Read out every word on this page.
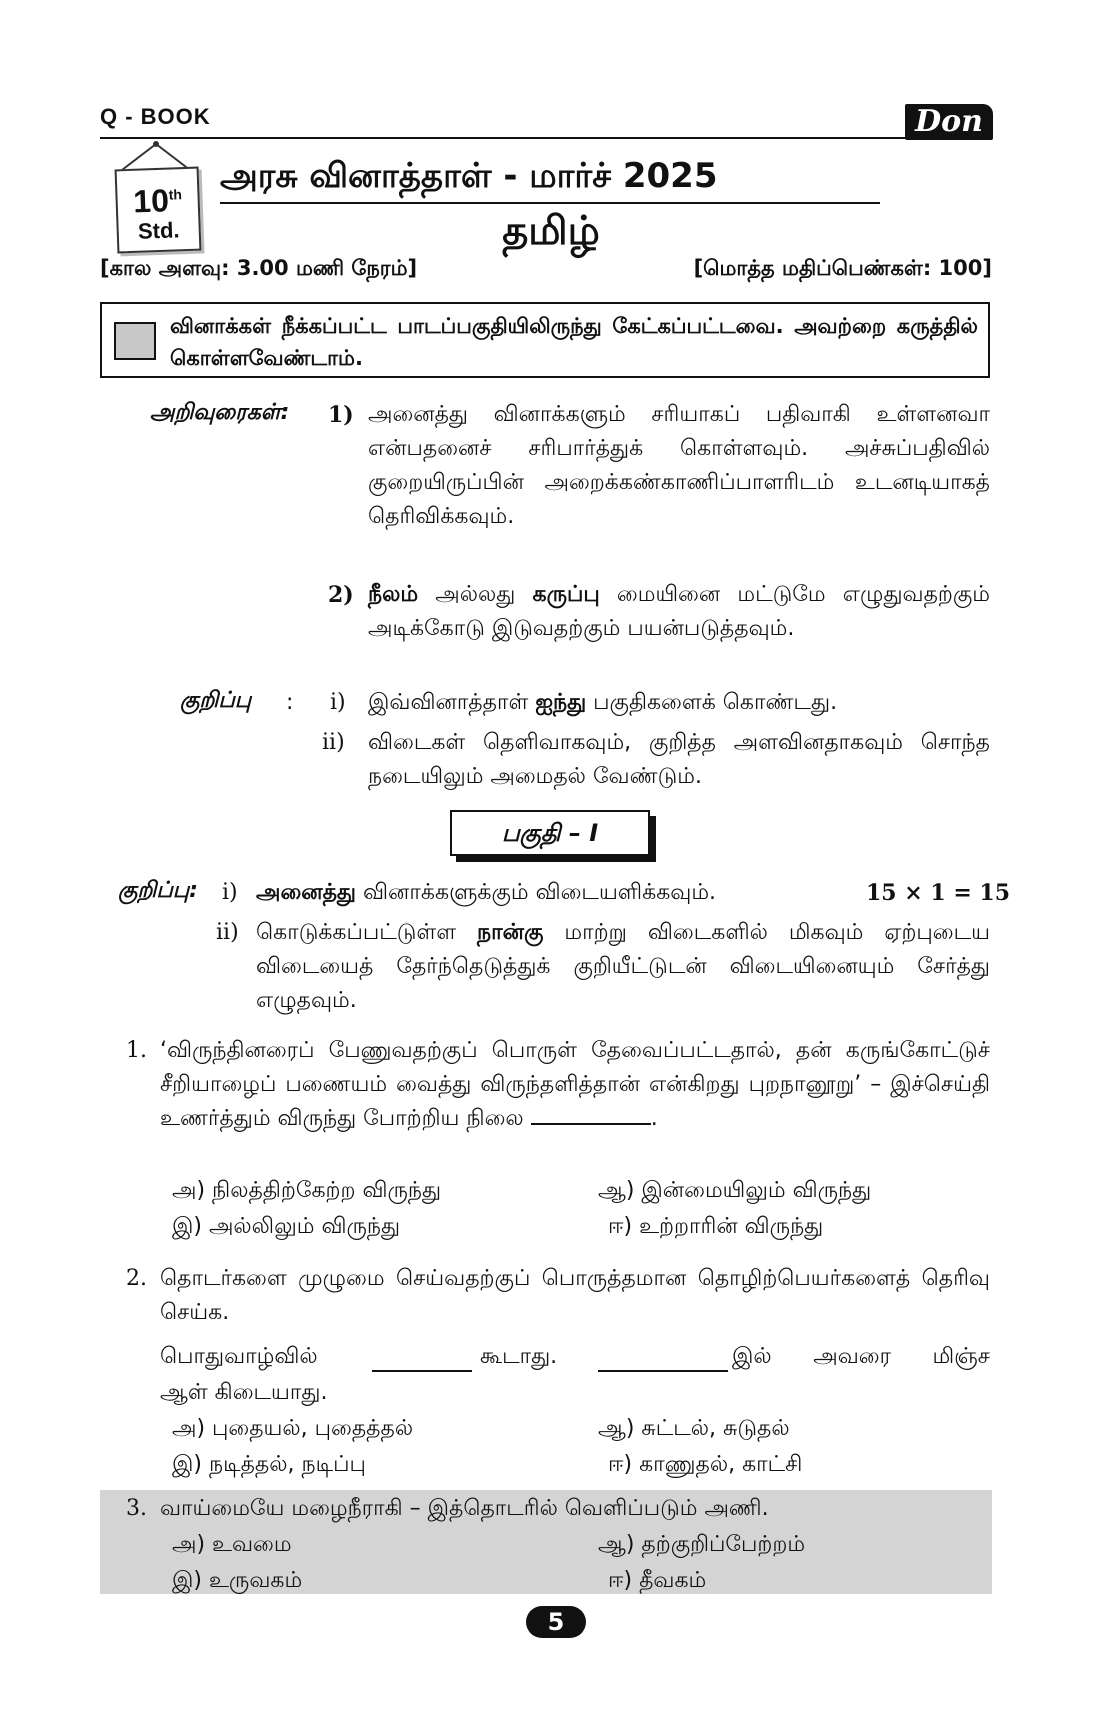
Q - BOOK	Don
10th
Std.
அரசு வினாத்தாள் - மார்ச் 2025
தமிழ்
[கால அளவு: 3.00 மணி நேரம்]	[மொத்த மதிப்பெண்கள்: 100]
வினாக்கள் நீக்கப்பட்ட பாடப்பகுதியிலிருந்து கேட்கப்பட்டவை. அவற்றை கருத்தில் கொள்ளவேண்டாம்.
அறிவுரைகள்: 1) அனைத்து வினாக்களும் சரியாகப் பதிவாகி உள்ளனவா என்பதனைச் சரிபார்த்துக் கொள்ளவும். அச்சுப்பதிவில் குறையிருப்பின் அறைக்கண்காணிப்பாளரிடம் உடனடியாகத் தெரிவிக்கவும்.
2) நீலம் அல்லது கருப்பு மையினை மட்டுமே எழுதுவதற்கும் அடிக்கோடு இடுவதற்கும் பயன்படுத்தவும்.
குறிப்பு : i) இவ்வினாத்தாள் ஐந்து பகுதிகளைக் கொண்டது.
ii) விடைகள் தெளிவாகவும், குறித்த அளவினதாகவும் சொந்த நடையிலும் அமைதல் வேண்டும்.
பகுதி – I
குறிப்பு: i) அனைத்து வினாக்களுக்கும் விடையளிக்கவும்.	15 × 1 = 15
ii) கொடுக்கப்பட்டுள்ள நான்கு மாற்று விடைகளில் மிகவும் ஏற்புடைய விடையைத் தேர்ந்தெடுத்துக் குறியீட்டுடன் விடையினையும் சேர்த்து எழுதவும்.
1. ‘விருந்தினரைப் பேணுவதற்குப் பொருள் தேவைப்பட்டதால், தன் கருங்கோட்டுச் சீறியாழைப் பணையம் வைத்து விருந்தளித்தான் என்கிறது புறநானூறு’ – இச்செய்தி உணர்த்தும் விருந்து போற்றிய நிலை	.
அ) நிலத்திற்கேற்ற விருந்து	ஆ) இன்மையிலும் விருந்து
இ) அல்லிலும் விருந்து	ஈ) உற்றாரின் விருந்து
2. தொடர்களை முழுமை செய்வதற்குப் பொருத்தமான தொழிற்பெயர்களைத் தெரிவு செய்க.
பொதுவாழ்வில்	கூடாது.	இல் அவரை மிஞ்ச
ஆள் கிடையாது.
அ) புதையல், புதைத்தல்	ஆ) சுட்டல், சுடுதல்
இ) நடித்தல், நடிப்பு	ஈ) காணுதல், காட்சி
3. வாய்மையே மழைநீராகி – இத்தொடரில் வெளிப்படும் அணி.
அ) உவமை	ஆ) தற்குறிப்பேற்றம்
இ) உருவகம்	ஈ) தீவகம்
5
